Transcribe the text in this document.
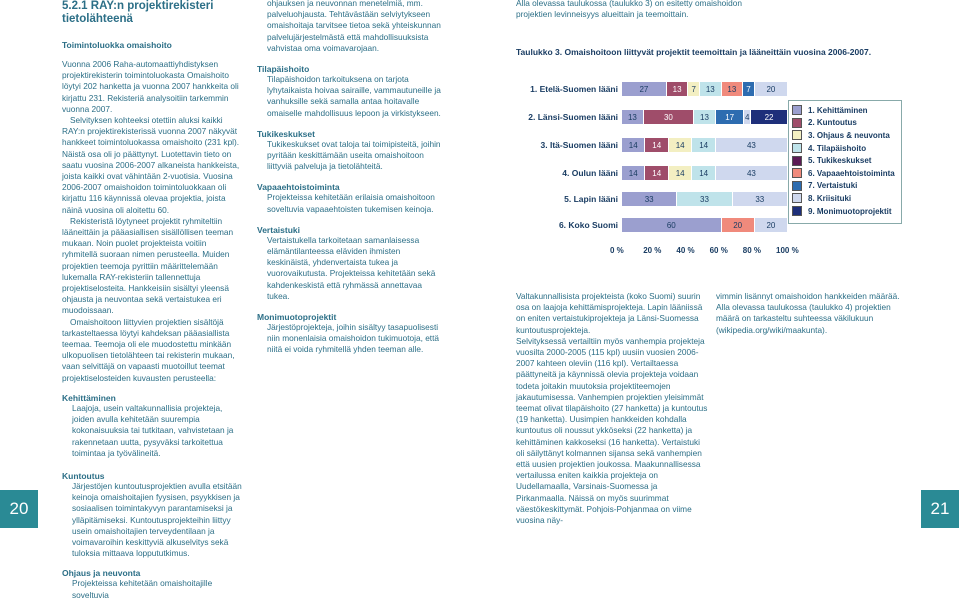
20	21
5.2.1 RAY:n projektirekisteri tietolähteenä
Toimintoluokka omaishoito
Vuonna 2006 Raha-automaattiyhdistyksen projektirekisterin toimintoluokasta Omaishoito löytyi 202 hanketta ja vuonna 2007 hankkeita oli kirjattu 231. Rekisteriä analysoitiin tarkemmin vuonna 2007.
Selvityksen kohteeksi otettiin aluksi kaikki RAY:n projektirekisterissä vuonna 2007 näkyvät hankkeet toimintoluokassa omaishoito (231 kpl). Näistä osa oli jo päättynyt. Luotettavin tieto on saatu vuosina 2006-2007 alkaneista hankkeista, joista kaikki ovat vähintään 2-vuotisia. Vuosina 2006-2007 omaishoidon toimintoluokkaan oli kirjattu 116 käynnissä olevaa projektia, joista näinä vuosina oli aloitettu 60.
Rekisteristä löytyneet projektit ryhmiteltiin lääneittäin ja pääasiallisen sisällöllisen teeman mukaan. Noin puolet projekteista voitiin ryhmitellä suoraan nimen perusteella. Muiden projektien teemoja pyrittiin määrittelemään lukemalla RAY-rekisteriin tallennettuja projektiselosteita. Hankkeisiin sisältyi yleensä ohjausta ja neuvontaa sekä vertaistukea eri muodoissaan.
Omaishoitoon liittyvien projektien sisältöjä tarkasteltaessa löytyi kahdeksan pääasiallista teemaa. Teemoja oli ele muodostettu minkään ulkopuolisen tietolähteen tai rekisterin mukaan, vaan selvittäjä on vapaasti muotoillut teemat projektiselosteiden kuvausten perusteella:
Kehittäminen
Laajoja, usein valtakunnallisia projekteja, joiden avulla kehitetään suurempia kokonaisuuksia tai tutkitaan, vahvistetaan ja rakennetaan uutta, pysyväksi tarkoitettua toimintaa ja työvälineitä.
Kuntoutus
Järjestöjen kuntoutusprojektien avulla etsitään keinoja omaishoitajien fyysisen, psyykkisen ja sosiaalisen toimintakyvyn parantamiseksi ja ylläpitämiseksi. Kuntoutusprojekteihin liittyy usein omaishoitajien terveydentilaan ja voimavaroihin keskittyviä alkuselvitys sekä tuloksia mittaava loppututkimus.
Ohjaus ja neuvonta
Projekteissa kehitetään omaishoitajille soveltuvia
ohjauksen ja neuvonnan menetelmiä, mm. palveluohjausta. Tehtävästään selviytykseen omaishoitaja tarvitsee tietoa sekä yhteiskunnan palvelujärjestelmästä että mahdollisuuksista vahvistaa oma voimavarojaan.
Tilapäishoito
Tilapäishoidon tarkoituksena on tarjota lyhytaikaista hoivaa sairaille, vammautuneille ja vanhuksille sekä samalla antaa hoitavalle omaiselle mahdollisuus lepoon ja virkistykseen.
Tukikeskukset
Tukikeskukset ovat taloja tai toimipisteitä, joihin pyritään keskittämään useita omaishoitoon liittyviä palveluja ja tietolähteitä.
Vapaaehtoistoiminta
Projekteissa kehitetään erilaisia omaishoitoon soveltuvia vapaaehtoisten tukemisen keinoja.
Vertaistuki
Vertaistukella tarkoitetaan samanlaisessa elämäntilanteessa eläviden ihmisten keskinäistä, yhdenvertaista tukea ja vuorovaikutusta. Projekteissa kehitetään sekä kahdenkeskistä että ryhmässä annettavaa tukea.
Monimuotoprojektit
Järjestöprojekteja, joihin sisältyy tasapuolisesti niin monenlaisia omaishoidon tukimuotoja, että niitä ei voida ryhmitellä yhden teeman alle.
Alla olevassa taulukossa (taulukko 3) on esitetty omaishoidon projektien levinneisyys alueittain ja teemoittain.
Taulukko 3. Omaishoitoon liittyvät projektit teemoittain ja lääneittäin vuosina 2006-2007.
1. Etelä-Suomen lääni
2. Länsi-Suomen lääni
3. Itä-Suomen lääni
4. Oulun lääni
5. Lapin lääni
6. Koko Suomi
27	13	7	13	13	7	20
13	30	13	17	4	22
14	14	14	14	43
14	14	14	14	43
33	33	33
60	20	20
0 % 20 % 40 % 60 % 80 % 100 %
1. Kehittäminen
2. Kuntoutus
3. Ohjaus & neuvonta
4. Tilapäishoito
5. Tukikeskukset
6. Vapaaehtoistoiminta
7. Vertaistuki
8. Kriisituki
9. Monimuotoprojektit
Valtakunnallisista projekteista (koko Suomi) suurin osa on laajoja kehittämisprojekteja. Lapin lääniissä on eniten vertaistukiprojekteja ja Länsi-Suomessa kuntoutusprojekteja.
Selvityksessä vertailtiin myös vanhempia projekteja vuosilta 2000-2005 (115 kpl) uusiin vuosien 2006-2007 kahteen oleviin (116 kpl). Vertailtaessa päättyneitä ja käynnissä olevia projekteja voidaan todeta joitakin muutoksia projektiteemojen jakautumisessa. Vanhempien projektien yleisimmät teemat olivat tilapäishoito (27 hanketta) ja kuntoutus (19 hanketta). Uusimpien hankkeiden kohdalla kuntoutus oli noussut ykköseksi (22 hanketta) ja kehittäminen kakkoseksi (16 hanketta). Vertaistuki oli säilyttänyt kolmannen sijansa sekä vanhempien että uusien projektien joukossa. Maakunnallisessa vertailussa eniten kaikkia projekteja on Uudellamaalla, Varsinais-Suomessa ja Pirkanmaalla. Näissä on myös suurimmat väestökeskittymät. Pohjois-Pohjanmaa on viime vuosina näy-
vimmin lisännyt omaishoidon hankkeiden määrää. Alla olevassa taulukossa (taulukko 4) projektien määrä on tarkasteltu suhteessa väkilukuun (wikipedia.org/wiki/maakunta).
